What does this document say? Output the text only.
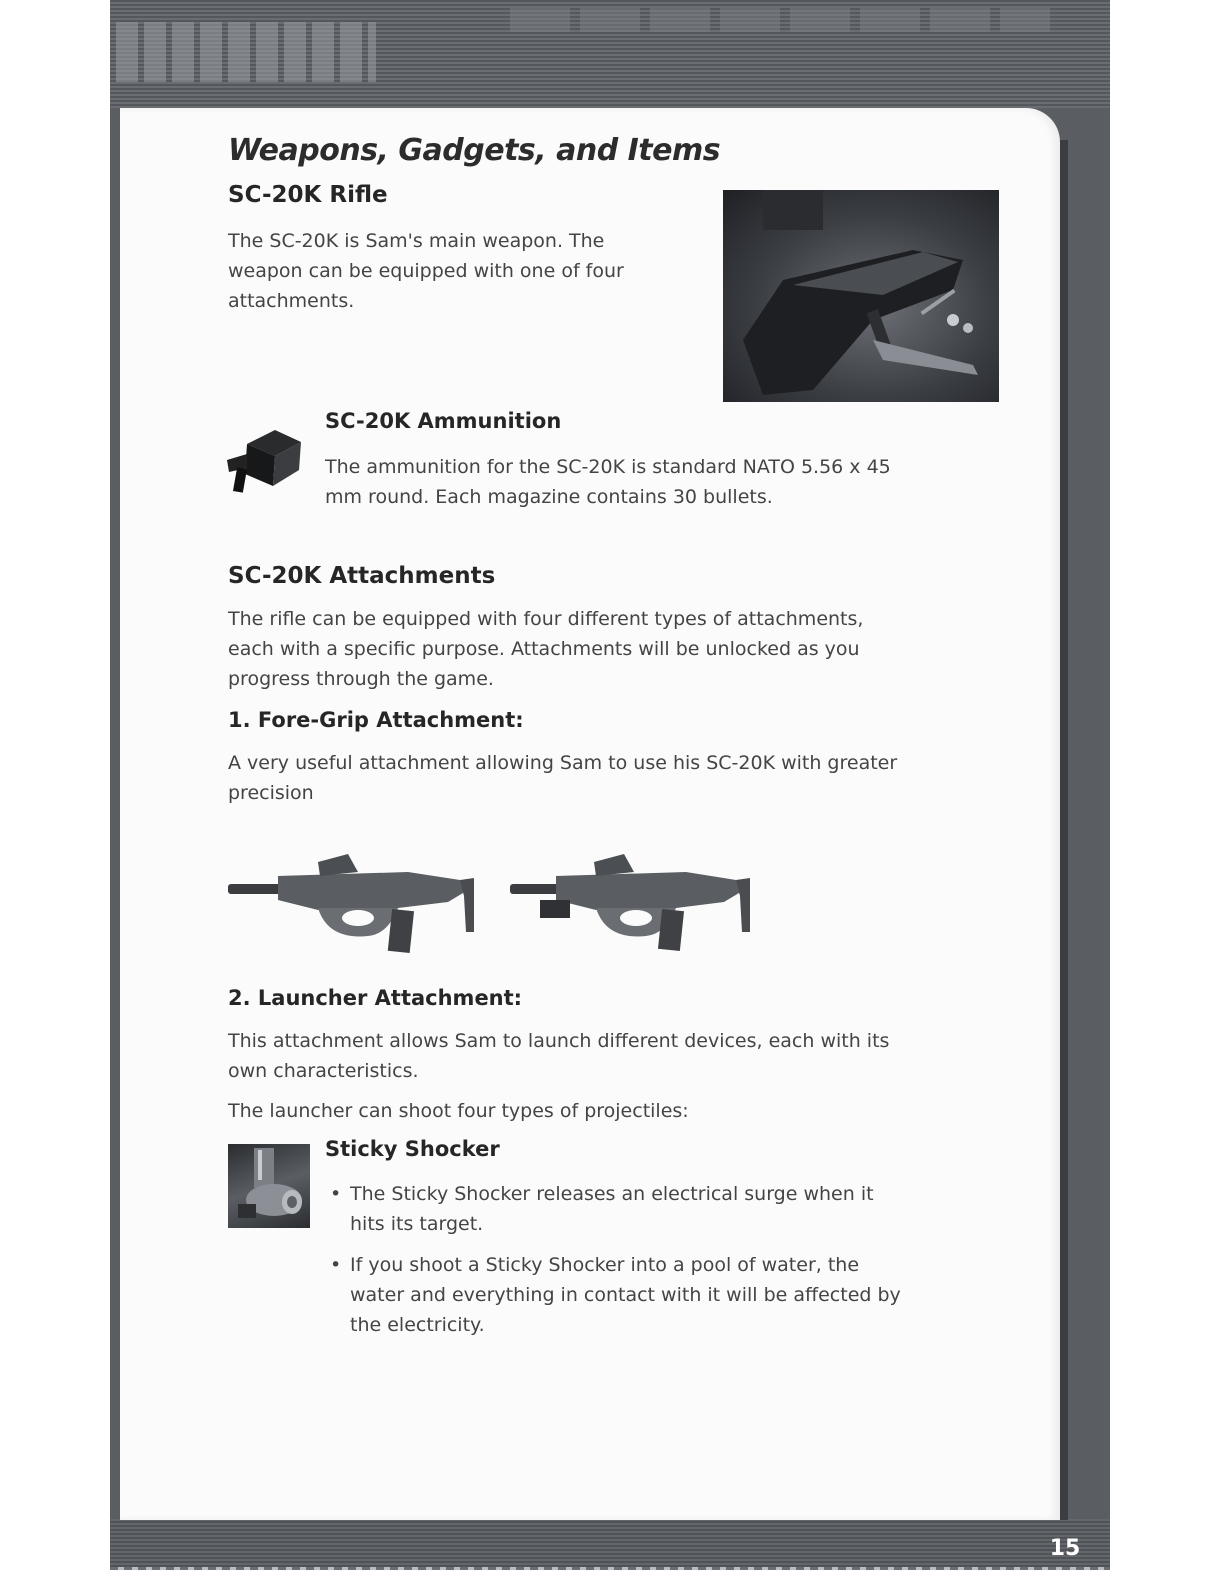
Weapons, Gadgets, and Items
SC-20K Rifle

The SC-20K is Sam's main weapon. The

weapon can be equipped with one of four

attachments.

SC-20K Ammunition

The ammunition for the SC-20K is standard NATO 5.56 x 45

mm round. Each magazine contains 30 bullets.

SC-20K Attachments

The rifle can be equipped with four different types of attachments,

each with a specific purpose. Attachments will be unlocked as you

progress through the game.

1. Fore-Grip Attachment:

A very useful attachment allowing Sam to use his SC-20K with greater

precision

2. Launcher Attachment:

This attachment allows Sam to launch different devices, each with its

own characteristics.

The launcher can shoot four types of projectiles:

Sticky Shocker
• The Sticky Shocker releases an electrical surge when it
hits its target.
• If you shoot a Sticky Shocker into a pool of water, the
water and everything in contact with it will be affected by
the electricity.
15
